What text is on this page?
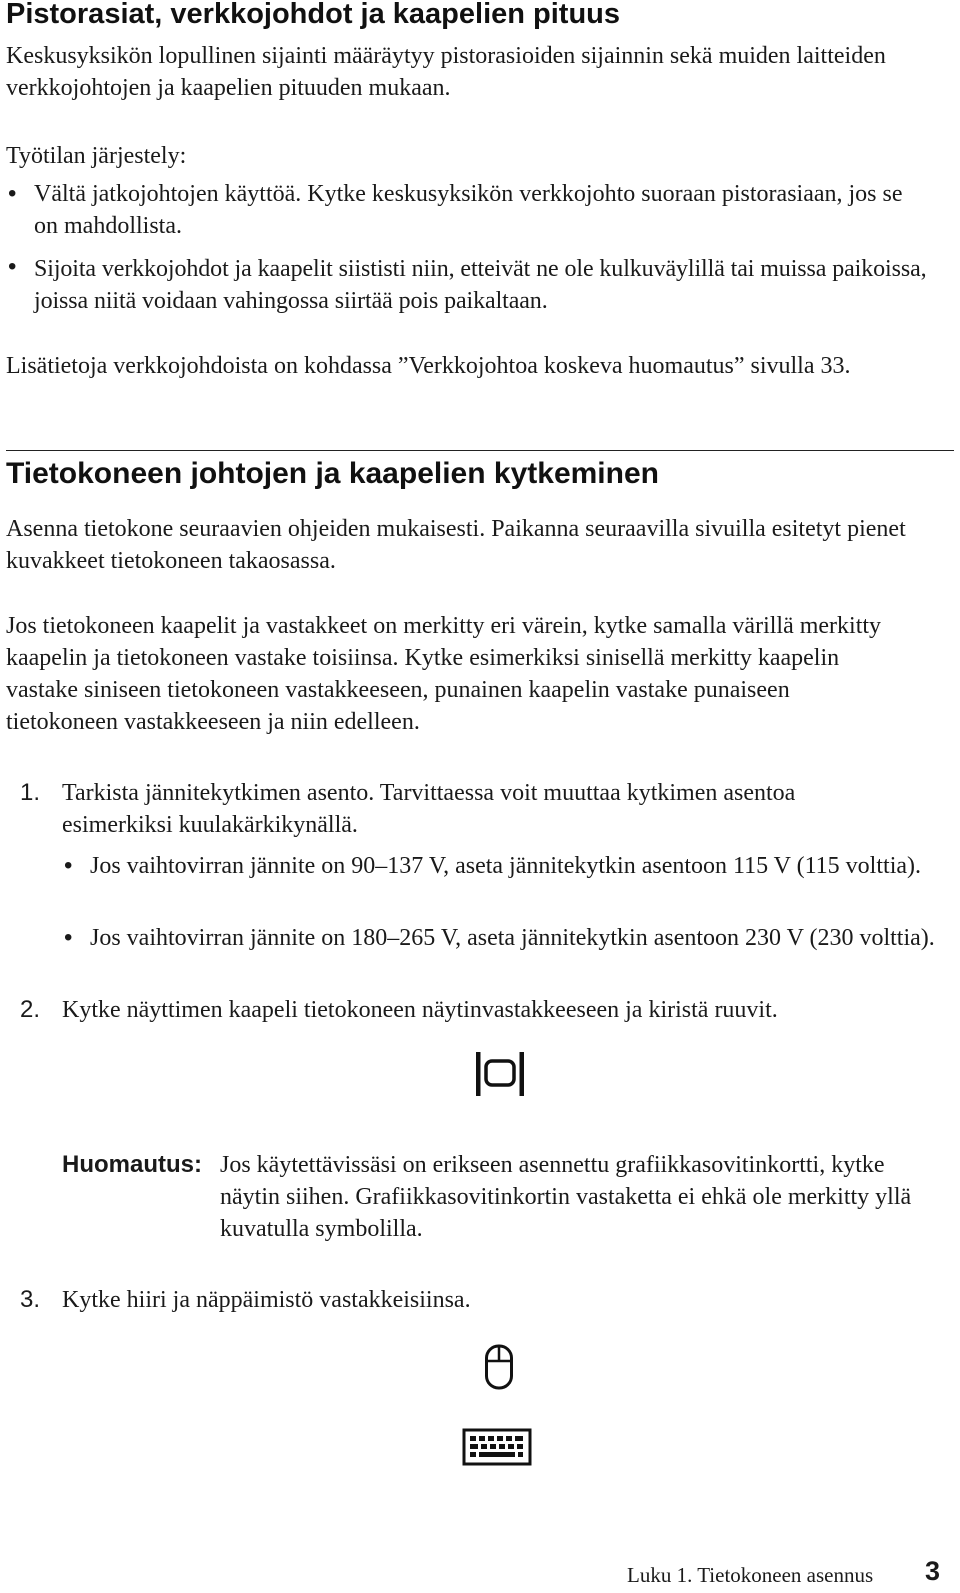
Pistorasiat, verkkojohdot ja kaapelien pituus

Keskusyksikön lopullinen sijainti määräytyy pistorasioiden sijainnin sekä muiden laitteiden verkkojohtojen ja kaapelien pituuden mukaan.

Työtilan järjestely:

• Vältä jatkojohtojen käyttöä. Kytke keskusyksikön verkkojohto suoraan pistorasiaan, jos se on mahdollista.

• Sijoita verkkojohdot ja kaapelit siististi niin, etteivät ne ole kulkuväylillä tai muissa paikoissa, joissa niitä voidaan vahingossa siirtää pois paikaltaan.

Lisätietoja verkkojohdoista on kohdassa ”Verkkojohtoa koskeva huomautus” sivulla 33.

Tietokoneen johtojen ja kaapelien kytkeminen

Asenna tietokone seuraavien ohjeiden mukaisesti. Paikanna seuraavilla sivuilla esitetyt pienet kuvakkeet tietokoneen takaosassa.

Jos tietokoneen kaapelit ja vastakkeet on merkitty eri värein, kytke samalla värillä merkitty kaapelin ja tietokoneen vastake toisiinsa. Kytke esimerkiksi sinisellä merkitty kaapelin vastake siniseen tietokoneen vastakkeeseen, punainen kaapelin vastake punaiseen tietokoneen vastakkeeseen ja niin edelleen.

1. Tarkista jännitekytkimen asento. Tarvittaessa voit muuttaa kytkimen asentoa esimerkiksi kuulakärkikynällä.

• Jos vaihtovirran jännite on 90–137 V, aseta jännitekytkin asentoon 115 V (115 volttia).

• Jos vaihtovirran jännite on 180–265 V, aseta jännitekytkin asentoon 230 V (230 volttia).

2. Kytke näyttimen kaapeli tietokoneen näytinvastakkeeseen ja kiristä ruuvit.

Huomautus: Jos käytettävissäsi on erikseen asennettu grafiikkasovitinkortti, kytke näytin siihen. Grafiikkasovitinkortin vastaketta ei ehkä ole merkitty yllä kuvatulla symbolilla.

3. Kytke hiiri ja näppäimistö vastakkeisiinsa.

Luku 1. Tietokoneen asennus 3
